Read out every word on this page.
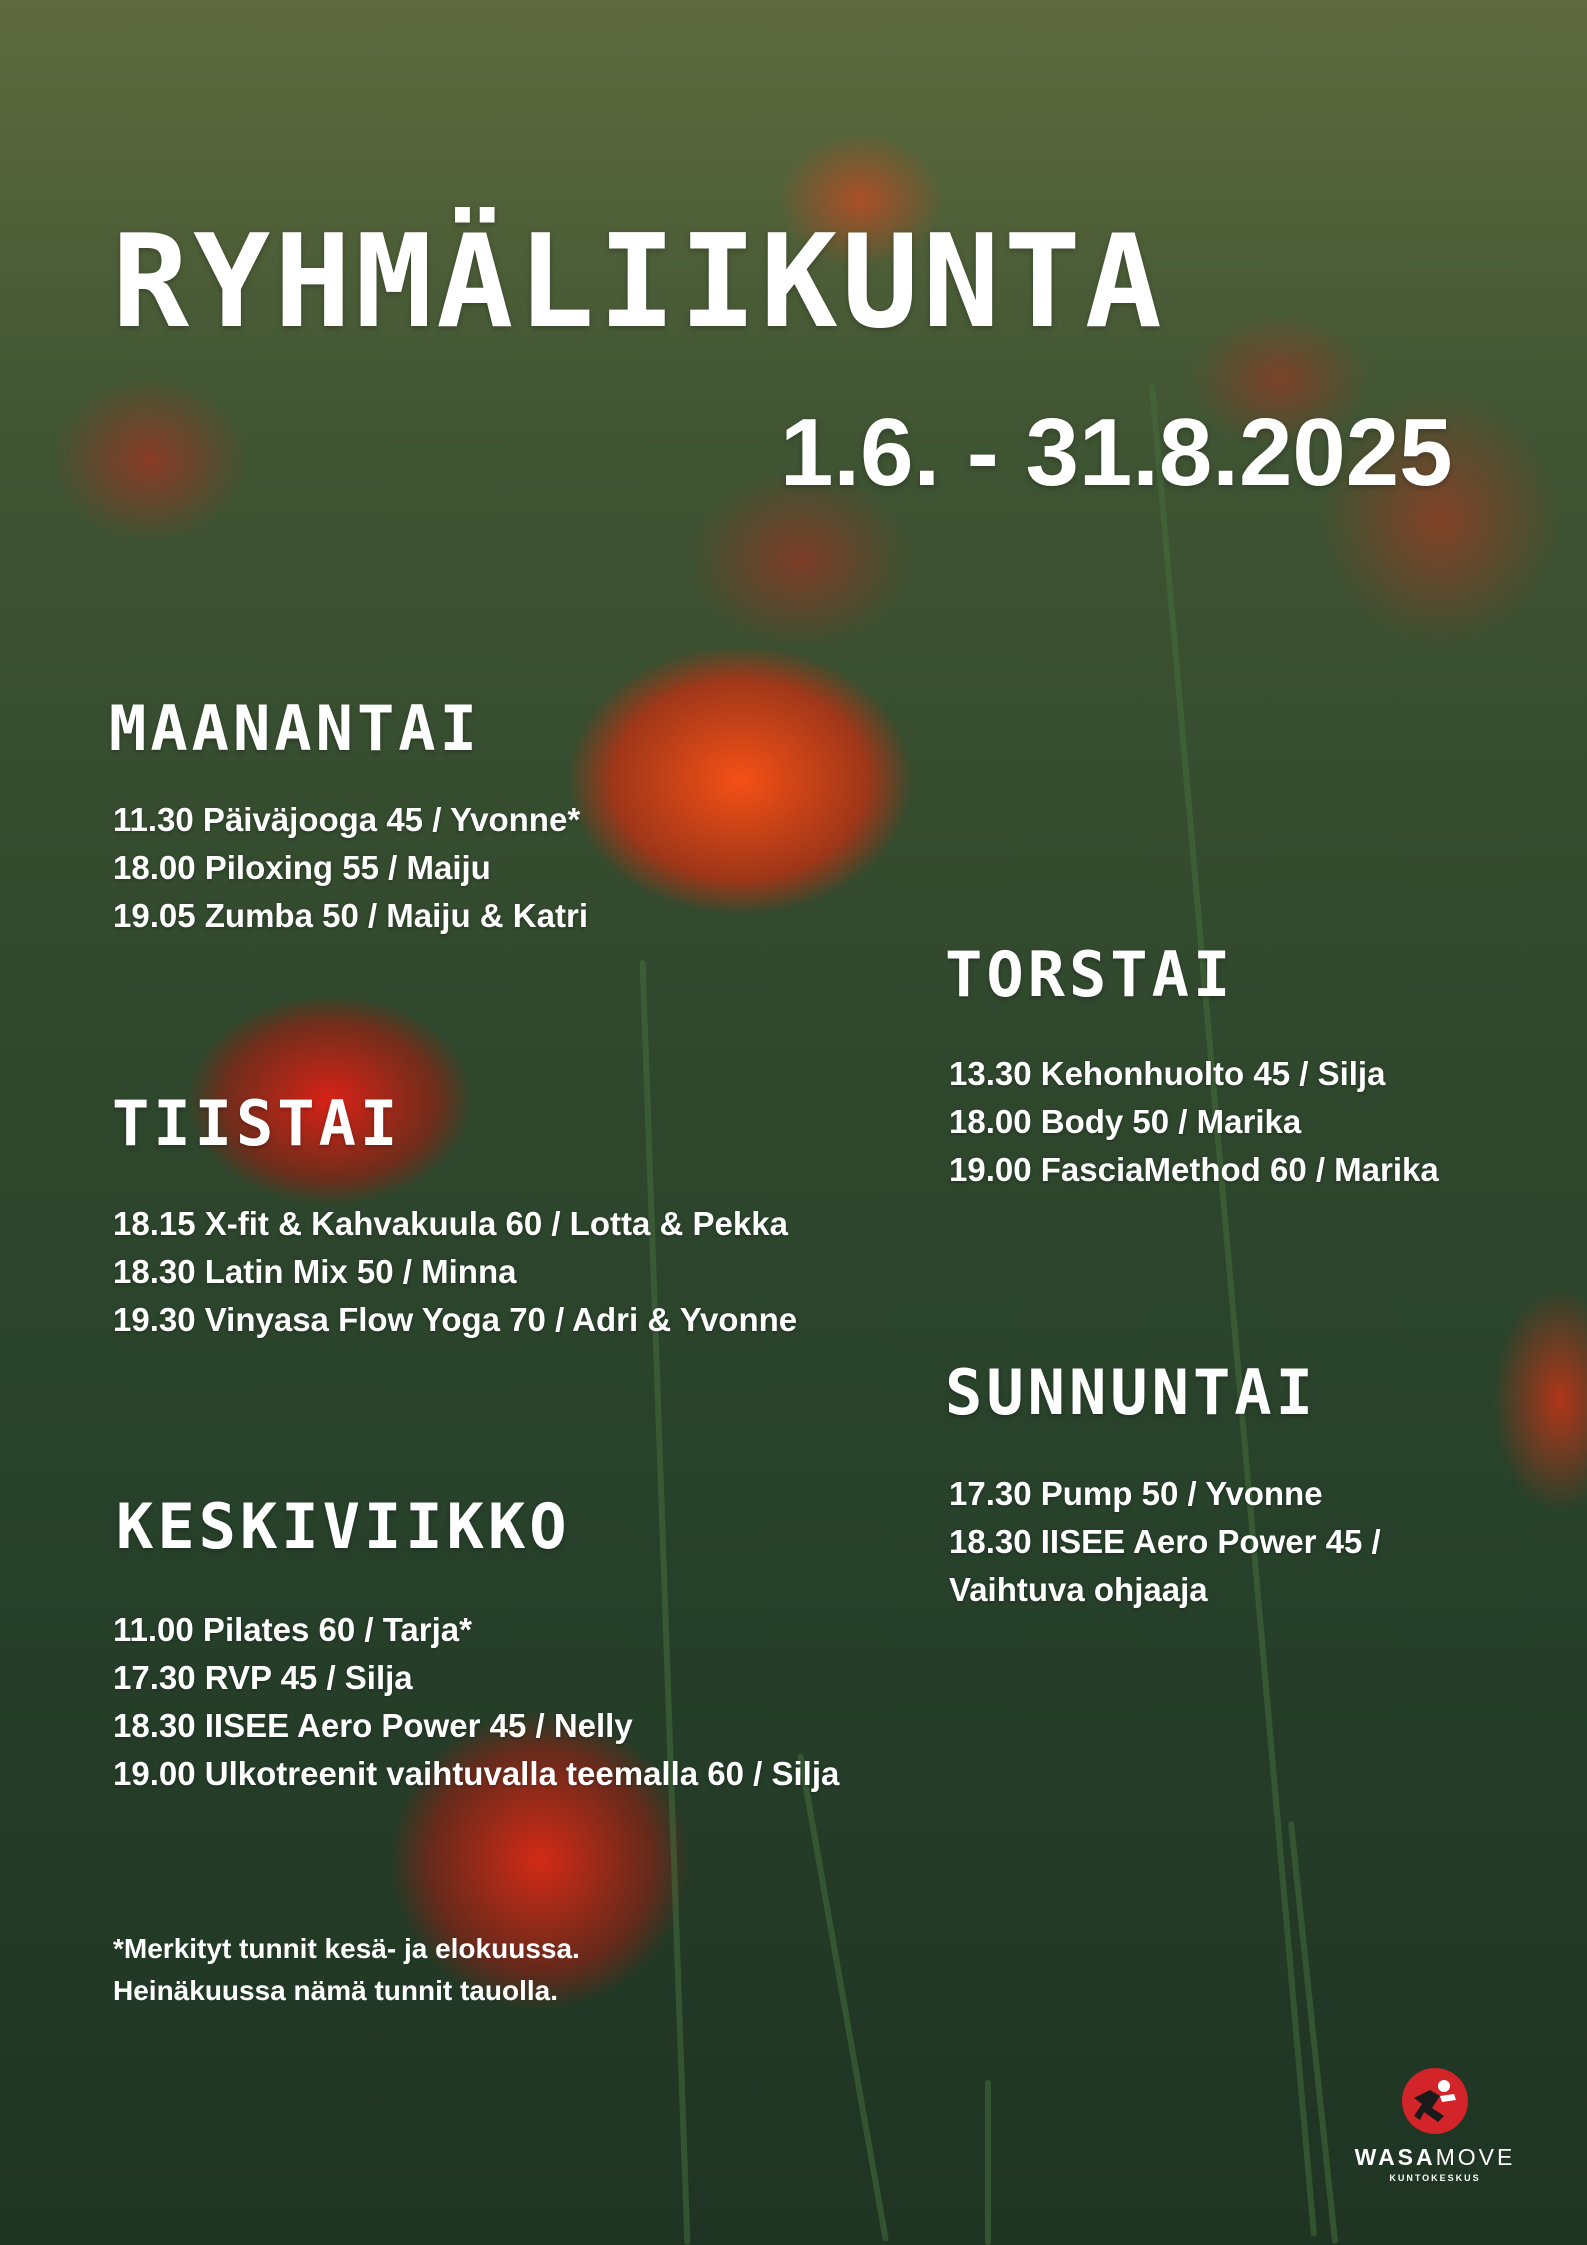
RYHMÄLIIKUNTA
1.6. - 31.8.2025
MAANANTAI
11.30 Päiväjooga 45 / Yvonne*
18.00 Piloxing 55 / Maiju
19.05 Zumba 50 / Maiju & Katri
TIISTAI
18.15 X-fit & Kahvakuula 60 / Lotta & Pekka
18.30 Latin Mix 50 / Minna
19.30 Vinyasa Flow Yoga 70 / Adri & Yvonne
KESKIVIIKKO
11.00 Pilates 60 / Tarja*
17.30 RVP 45 / Silja
18.30 IISEE Aero Power 45 / Nelly
19.00 Ulkotreenit vaihtuvalla teemalla 60 / Silja
TORSTAI
13.30 Kehonhuolto 45 / Silja
18.00 Body 50 / Marika
19.00 FasciaMethod 60 / Marika
SUNNUNTAI
17.30 Pump 50 / Yvonne
18.30 IISEE Aero Power 45 /
Vaihtuva ohjaaja
*Merkityt tunnit kesä- ja elokuussa.
Heinäkuussa nämä tunnit tauolla.
WASAMOVE
KUNTOKESKUS
